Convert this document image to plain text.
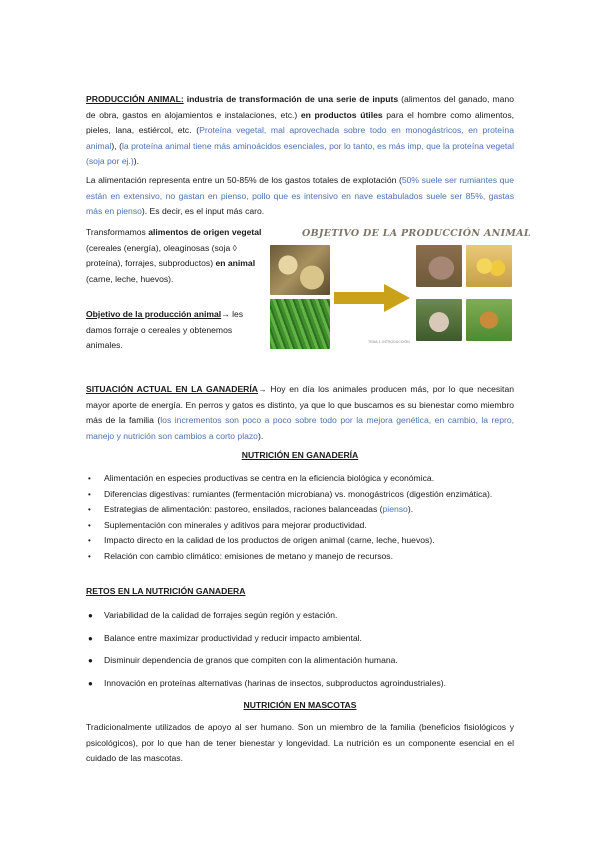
PRODUCCIÓN ANIMAL: industria de transformación de una serie de inputs (alimentos del ganado, mano de obra, gastos en alojamientos e instalaciones, etc.) en productos útiles para el hombre como alimentos, pieles, lana, estiércol, etc. (Proteína vegetal, mal aprovechada sobre todo en monogástricos, en proteína animal), (la proteína animal tiene más aminoácidos esenciales, por lo tanto, es más imp, que la proteína vegetal (soja por ej.)).

La alimentación representa entre un 50-85% de los gastos totales de explotación (50% suele ser rumiantes que están en extensivo, no gastan en pienso, pollo que es intensivo en nave estabulados suele ser 85%, gastas más en pienso). Es decir, es el input más caro.

Transformamos alimentos de origen vegetal (cereales (energía), oleaginosas (soja ◊ proteína), forrajes, subproductos) en animal (carne, leche, huevos).

Objetivo de la producción animal→ les damos forraje o cereales y obtenemos animales.

OBJETIVO DE LA PRODUCCIÓN ANIMAL
TEMA 1: INTRODUCCIÓN

SITUACIÓN ACTUAL EN LA GANADERÍA→ Hoy en día los animales producen más, por lo que necesitan mayor aporte de energía. En perros y gatos es distinto, ya que lo que buscamos es su bienestar como miembro más de la familia (los incrementos son poco a poco sobre todo por la mejora genética, en cambio, la repro, manejo y nutrición son cambios a corto plazo).

NUTRICIÓN EN GANADERÍA
• Alimentación en especies productivas se centra en la eficiencia biológica y económica.
• Diferencias digestivas: rumiantes (fermentación microbiana) vs. monogástricos (digestión enzimática).
• Estrategias de alimentación: pastoreo, ensilados, raciones balanceadas (pienso).
• Suplementación con minerales y aditivos para mejorar productividad.
• Impacto directo en la calidad de los productos de origen animal (carne, leche, huevos).
• Relación con cambio climático: emisiones de metano y manejo de recursos.
RETOS EN LA NUTRICIÓN GANADERA
● Variabilidad de la calidad de forrajes según región y estación.
● Balance entre maximizar productividad y reducir impacto ambiental.
● Disminuir dependencia de granos que compiten con la alimentación humana.
● Innovación en proteínas alternativas (harinas de insectos, subproductos agroindustriales).
NUTRICIÓN EN MASCOTAS

Tradicionalmente utilizados de apoyo al ser humano. Son un miembro de la familia (beneficios fisiológicos y psicológicos), por lo que han de tener bienestar y longevidad. La nutrición es un componente esencial en el cuidado de las mascotas.
